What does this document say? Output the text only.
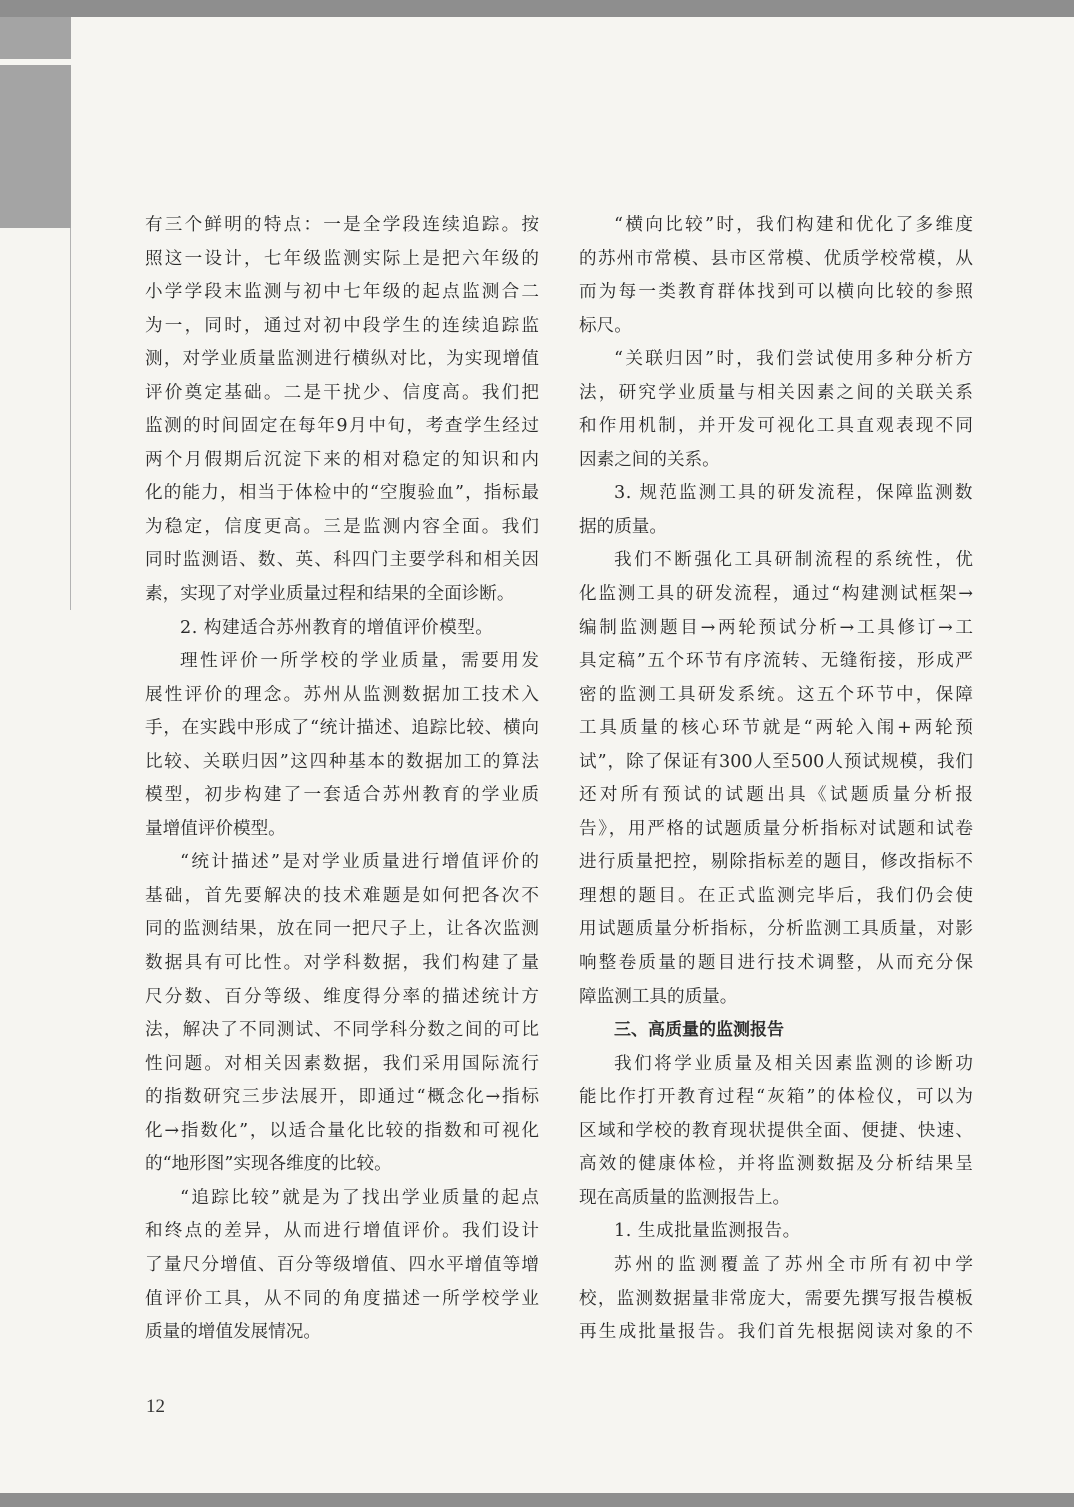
有三个鲜明的特点：一是全学段连续追踪。按
照这一设计，七年级监测实际上是把六年级的
小学学段末监测与初中七年级的起点监测合二
为一，同时，通过对初中段学生的连续追踪监
测，对学业质量监测进行横纵对比，为实现增值
评价奠定基础。二是干扰少、信度高。我们把
监测的时间固定在每年9月中旬，考查学生经过
两个月假期后沉淀下来的相对稳定的知识和内
化的能力，相当于体检中的“空腹验血”，指标最
为稳定，信度更高。三是监测内容全面。我们
同时监测语、数、英、科四门主要学科和相关因
素，实现了对学业质量过程和结果的全面诊断。
2. 构建适合苏州教育的增值评价模型。
理性评价一所学校的学业质量，需要用发
展性评价的理念。苏州从监测数据加工技术入
手，在实践中形成了“统计描述、追踪比较、横向
比较、关联归因”这四种基本的数据加工的算法
模型，初步构建了一套适合苏州教育的学业质
量增值评价模型。
“统计描述”是对学业质量进行增值评价的
基础，首先要解决的技术难题是如何把各次不
同的监测结果，放在同一把尺子上，让各次监测
数据具有可比性。对学科数据，我们构建了量
尺分数、百分等级、维度得分率的描述统计方
法，解决了不同测试、不同学科分数之间的可比
性问题。对相关因素数据，我们采用国际流行
的指数研究三步法展开，即通过“概念化→指标
化→指数化”，以适合量化比较的指数和可视化
的“地形图”实现各维度的比较。
“追踪比较”就是为了找出学业质量的起点
和终点的差异，从而进行增值评价。我们设计
了量尺分增值、百分等级增值、四水平增值等增
值评价工具，从不同的角度描述一所学校学业
质量的增值发展情况。
“横向比较”时，我们构建和优化了多维度
的苏州市常模、县市区常模、优质学校常模，从
而为每一类教育群体找到可以横向比较的参照
标尺。
“关联归因”时，我们尝试使用多种分析方
法，研究学业质量与相关因素之间的关联关系
和作用机制，并开发可视化工具直观表现不同
因素之间的关系。
3. 规范监测工具的研发流程，保障监测数
据的质量。
我们不断强化工具研制流程的系统性，优
化监测工具的研发流程，通过“构建测试框架→
编制监测题目→两轮预试分析→工具修订→工
具定稿”五个环节有序流转、无缝衔接，形成严
密的监测工具研发系统。这五个环节中，保障
工具质量的核心环节就是“两轮入闱+两轮预
试”，除了保证有300人至500人预试规模，我们
还对所有预试的试题出具《试题质量分析报
告》，用严格的试题质量分析指标对试题和试卷
进行质量把控，剔除指标差的题目，修改指标不
理想的题目。在正式监测完毕后，我们仍会使
用试题质量分析指标，分析监测工具质量，对影
响整卷质量的题目进行技术调整，从而充分保
障监测工具的质量。
三、高质量的监测报告
我们将学业质量及相关因素监测的诊断功
能比作打开教育过程“灰箱”的体检仪，可以为
区域和学校的教育现状提供全面、便捷、快速、
高效的健康体检，并将监测数据及分析结果呈
现在高质量的监测报告上。
1. 生成批量监测报告。
苏州的监测覆盖了苏州全市所有初中学
校，监测数据量非常庞大，需要先撰写报告模板
再生成批量报告。我们首先根据阅读对象的不
12
